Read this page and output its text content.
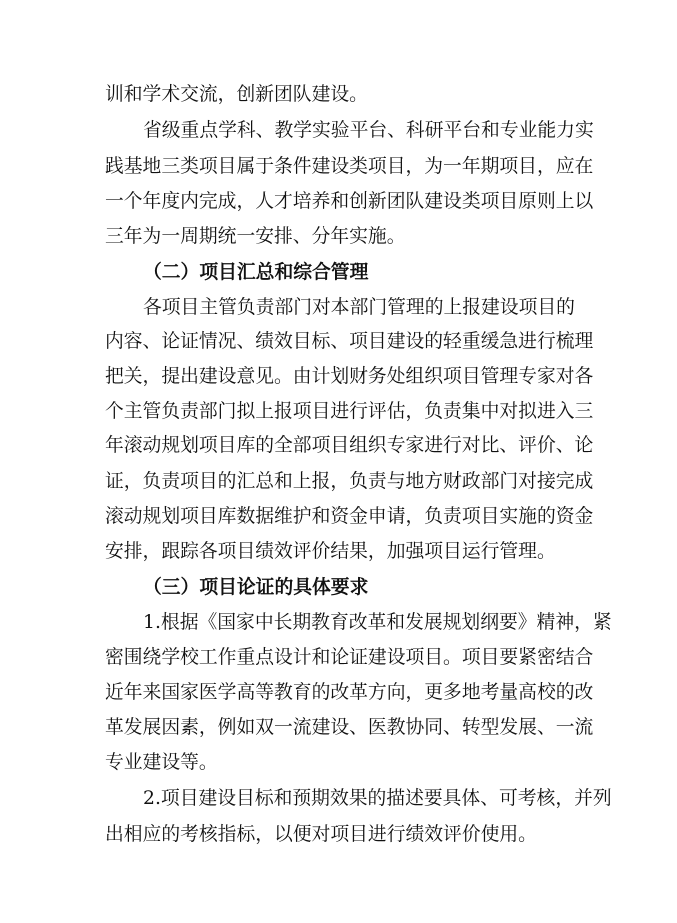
训和学术交流，创新团队建设。
省级重点学科、教学实验平台、科研平台和专业能力实
践基地三类项目属于条件建设类项目，为一年期项目，应在
一个年度内完成，人才培养和创新团队建设类项目原则上以
三年为一周期统一安排、分年实施。
（二）项目汇总和综合管理
各项目主管负责部门对本部门管理的上报建设项目的
内容、论证情况、绩效目标、项目建设的轻重缓急进行梳理
把关，提出建设意见。由计划财务处组织项目管理专家对各
个主管负责部门拟上报项目进行评估，负责集中对拟进入三
年滚动规划项目库的全部项目组织专家进行对比、评价、论
证，负责项目的汇总和上报，负责与地方财政部门对接完成
滚动规划项目库数据维护和资金申请，负责项目实施的资金
安排，跟踪各项目绩效评价结果，加强项目运行管理。
（三）项目论证的具体要求
1.根据《国家中长期教育改革和发展规划纲要》精神，紧
密围绕学校工作重点设计和论证建设项目。项目要紧密结合
近年来国家医学高等教育的改革方向，更多地考量高校的改
革发展因素，例如双一流建设、医教协同、转型发展、一流
专业建设等。
2.项目建设目标和预期效果的描述要具体、可考核，并列
出相应的考核指标，以便对项目进行绩效评价使用。
